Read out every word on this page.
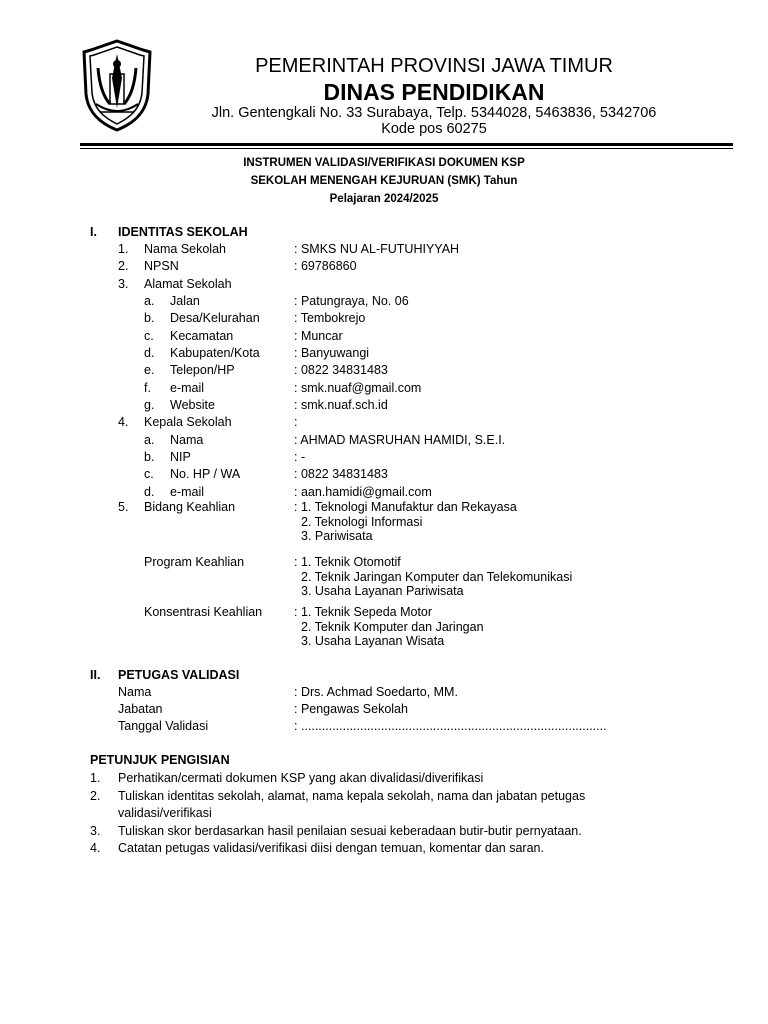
PEMERINTAH PROVINSI JAWA TIMUR
DINAS PENDIDIKAN
Jln. Gentengkali No. 33 Surabaya, Telp. 5344028, 5463836, 5342706
Kode pos 60275
INSTRUMEN VALIDASI/VERIFIKASI DOKUMEN KSP
SEKOLAH MENENGAH KEJURUAN (SMK) Tahun
Pelajaran 2024/2025
I. IDENTITAS SEKOLAH
1. Nama Sekolah	: SMKS NU AL-FUTUHIYYAH
2. NPSN	: 69786860
3. Alamat Sekolah
a. Jalan	: Patungraya, No. 06
b. Desa/Kelurahan	: Tembokrejo
c. Kecamatan	: Muncar
d. Kabupaten/Kota	: Banyuwangi
e. Telepon/HP	: 0822 34831483
f. e-mail	: smk.nuaf@gmail.com
g. Website	: smk.nuaf.sch.id
4. Kepala Sekolah	:
a. Nama	: AHMAD MASRUHAN HAMIDI, S.E.I.
b. NIP	: -
c. No. HP / WA	: 0822 34831483
d. e-mail	: aan.hamidi@gmail.com
5. Bidang Keahlian	: 1. Teknologi Manufaktur dan Rekayasa
2. Teknologi Informasi
3. Pariwisata
Program Keahlian	: 1. Teknik Otomotif
2. Teknik Jaringan Komputer dan Telekomunikasi
3. Usaha Layanan Pariwisata
Konsentrasi Keahlian	: 1. Teknik Sepeda Motor
2. Teknik Komputer dan Jaringan
3. Usaha Layanan Wisata
II. PETUGAS VALIDASI
Nama	: Drs. Achmad Soedarto, MM.
Jabatan	: Pengawas Sekolah
Tanggal Validasi	: ........................................................................................
PETUNJUK PENGISIAN
1. Perhatikan/cermati dokumen KSP yang akan divalidasi/diverifikasi
2. Tuliskan identitas sekolah, alamat, nama kepala sekolah, nama dan jabatan petugas
validasi/verifikasi
3. Tuliskan skor berdasarkan hasil penilaian sesuai keberadaan butir-butir pernyataan.
4. Catatan petugas validasi/verifikasi diisi dengan temuan, komentar dan saran.
